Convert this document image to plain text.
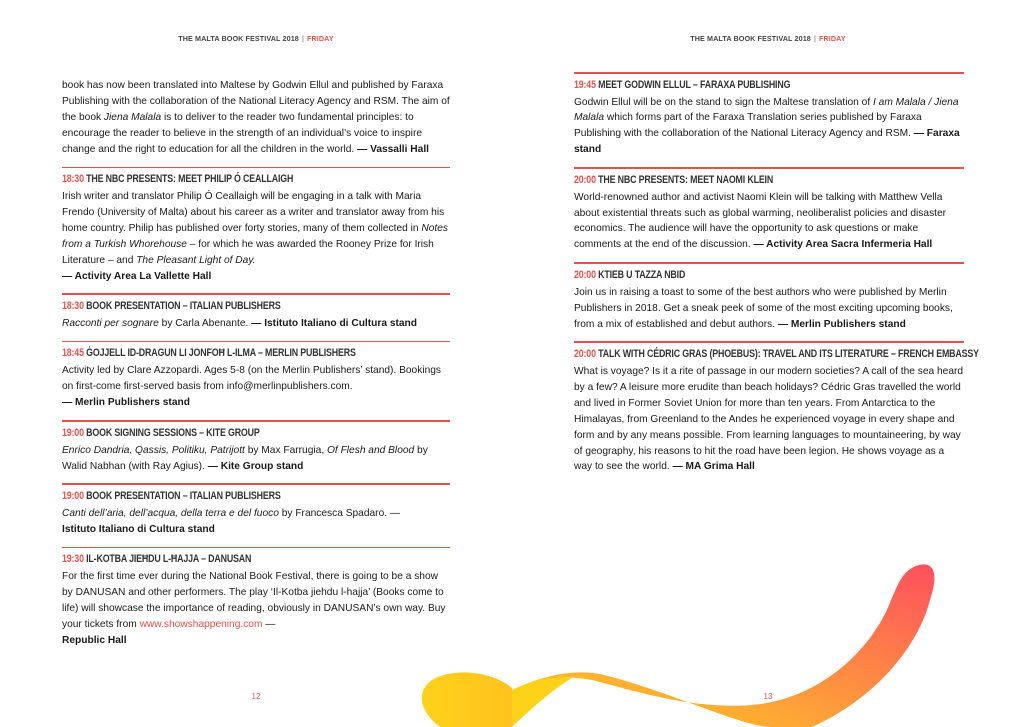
THE MALTA BOOK FESTIVAL 2018 | FRIDAY

book has now been translated into Maltese by Godwin Ellul and published by Faraxa Publishing with the collaboration of the National Literacy Agency and RSM. The aim of the book Jiena Malala is to deliver to the reader two fundamental principles: to encourage the reader to believe in the strength of an individual’s voice to inspire change and the right to education for all the children in the world. — Vassalli Hall

18:30 THE NBC PRESENTS: MEET PHILIP Ó CEALLAIGH

Irish writer and translator Philip Ó Ceallaigh will be engaging in a talk with Maria Frendo (University of Malta) about his career as a writer and translator away from his home country. Philip has published over forty stories, many of them collected in Notes from a Turkish Whorehouse – for which he was awarded the Rooney Prize for Irish Literature – and The Pleasant Light of Day.
— Activity Area La Vallette Hall

18:30 BOOK PRESENTATION – ITALIAN PUBLISHERS

Racconti per sognare by Carla Abenante. — Istituto Italiano di Cultura stand

18:45 ĠOJJELL ID-DRAGUN LI JONFOĦ L-ILMA – MERLIN PUBLISHERS

Activity led by Clare Azzopardi. Ages 5-8 (on the Merlin Publishers’ stand). Bookings on first-come first-served basis from info@merlinpublishers.com.
— Merlin Publishers stand

19:00 BOOK SIGNING SESSIONS – KITE GROUP

Enrico Dandria, Qassis, Politiku, Patrijott by Max Farrugia, Of Flesh and Blood by Walid Nabhan (with Ray Agius). — Kite Group stand

19:00 BOOK PRESENTATION – ITALIAN PUBLISHERS

Canti dell’aria, dell’acqua, della terra e del fuoco by Francesca Spadaro. —
Istituto Italiano di Cultura stand

19:30 IL-KOTBA JIEĦDU L-ĦAJJA – DANUSAN

For the first time ever during the National Book Festival, there is going to be a show by DANUSAN and other performers. The play ‘Il-Kotba jiehdu l-hajja’ (Books come to life) will showcase the importance of reading, obviously in DANUSAN’s own way. Buy your tickets from www.showshappening.com —
Republic Hall

12
THE MALTA BOOK FESTIVAL 2018 | FRIDAY
19:45 MEET GODWIN ELLUL – FARAXA PUBLISHING

Godwin Ellul will be on the stand to sign the Maltese translation of I am Malala / Jiena Malala which forms part of the Faraxa Translation series published by Faraxa Publishing with the collaboration of the National Literacy Agency and RSM. — Faraxa stand

20:00 THE NBC PRESENTS: MEET NAOMI KLEIN

World-renowned author and activist Naomi Klein will be talking with Matthew Vella about existential threats such as global warming, neoliberalist policies and disaster economics. The audience will have the opportunity to ask questions or make comments at the end of the discussion. — Activity Area Sacra Infermeria Hall

20:00 KTIEB U TAZZA NBID

Join us in raising a toast to some of the best authors who were published by Merlin Publishers in 2018. Get a sneak peek of some of the most exciting upcoming books, from a mix of established and debut authors. — Merlin Publishers stand

20:00 TALK WITH CÉDRIC GRAS (PHOEBUS): TRAVEL AND ITS LITERATURE – FRENCH EMBASSY

What is voyage? Is it a rite of passage in our modern societies? A call of the sea heard by a few? A leisure more erudite than beach holidays? Cédric Gras travelled the world and lived in Former Soviet Union for more than ten years. From Antarctica to the Himalayas, from Greenland to the Andes he experienced voyage in every shape and form and by any means possible. From learning languages to mountaineering, by way of geography, his reasons to hit the road have been legion. He shows voyage as a way to see the world. — MA Grima Hall

13
